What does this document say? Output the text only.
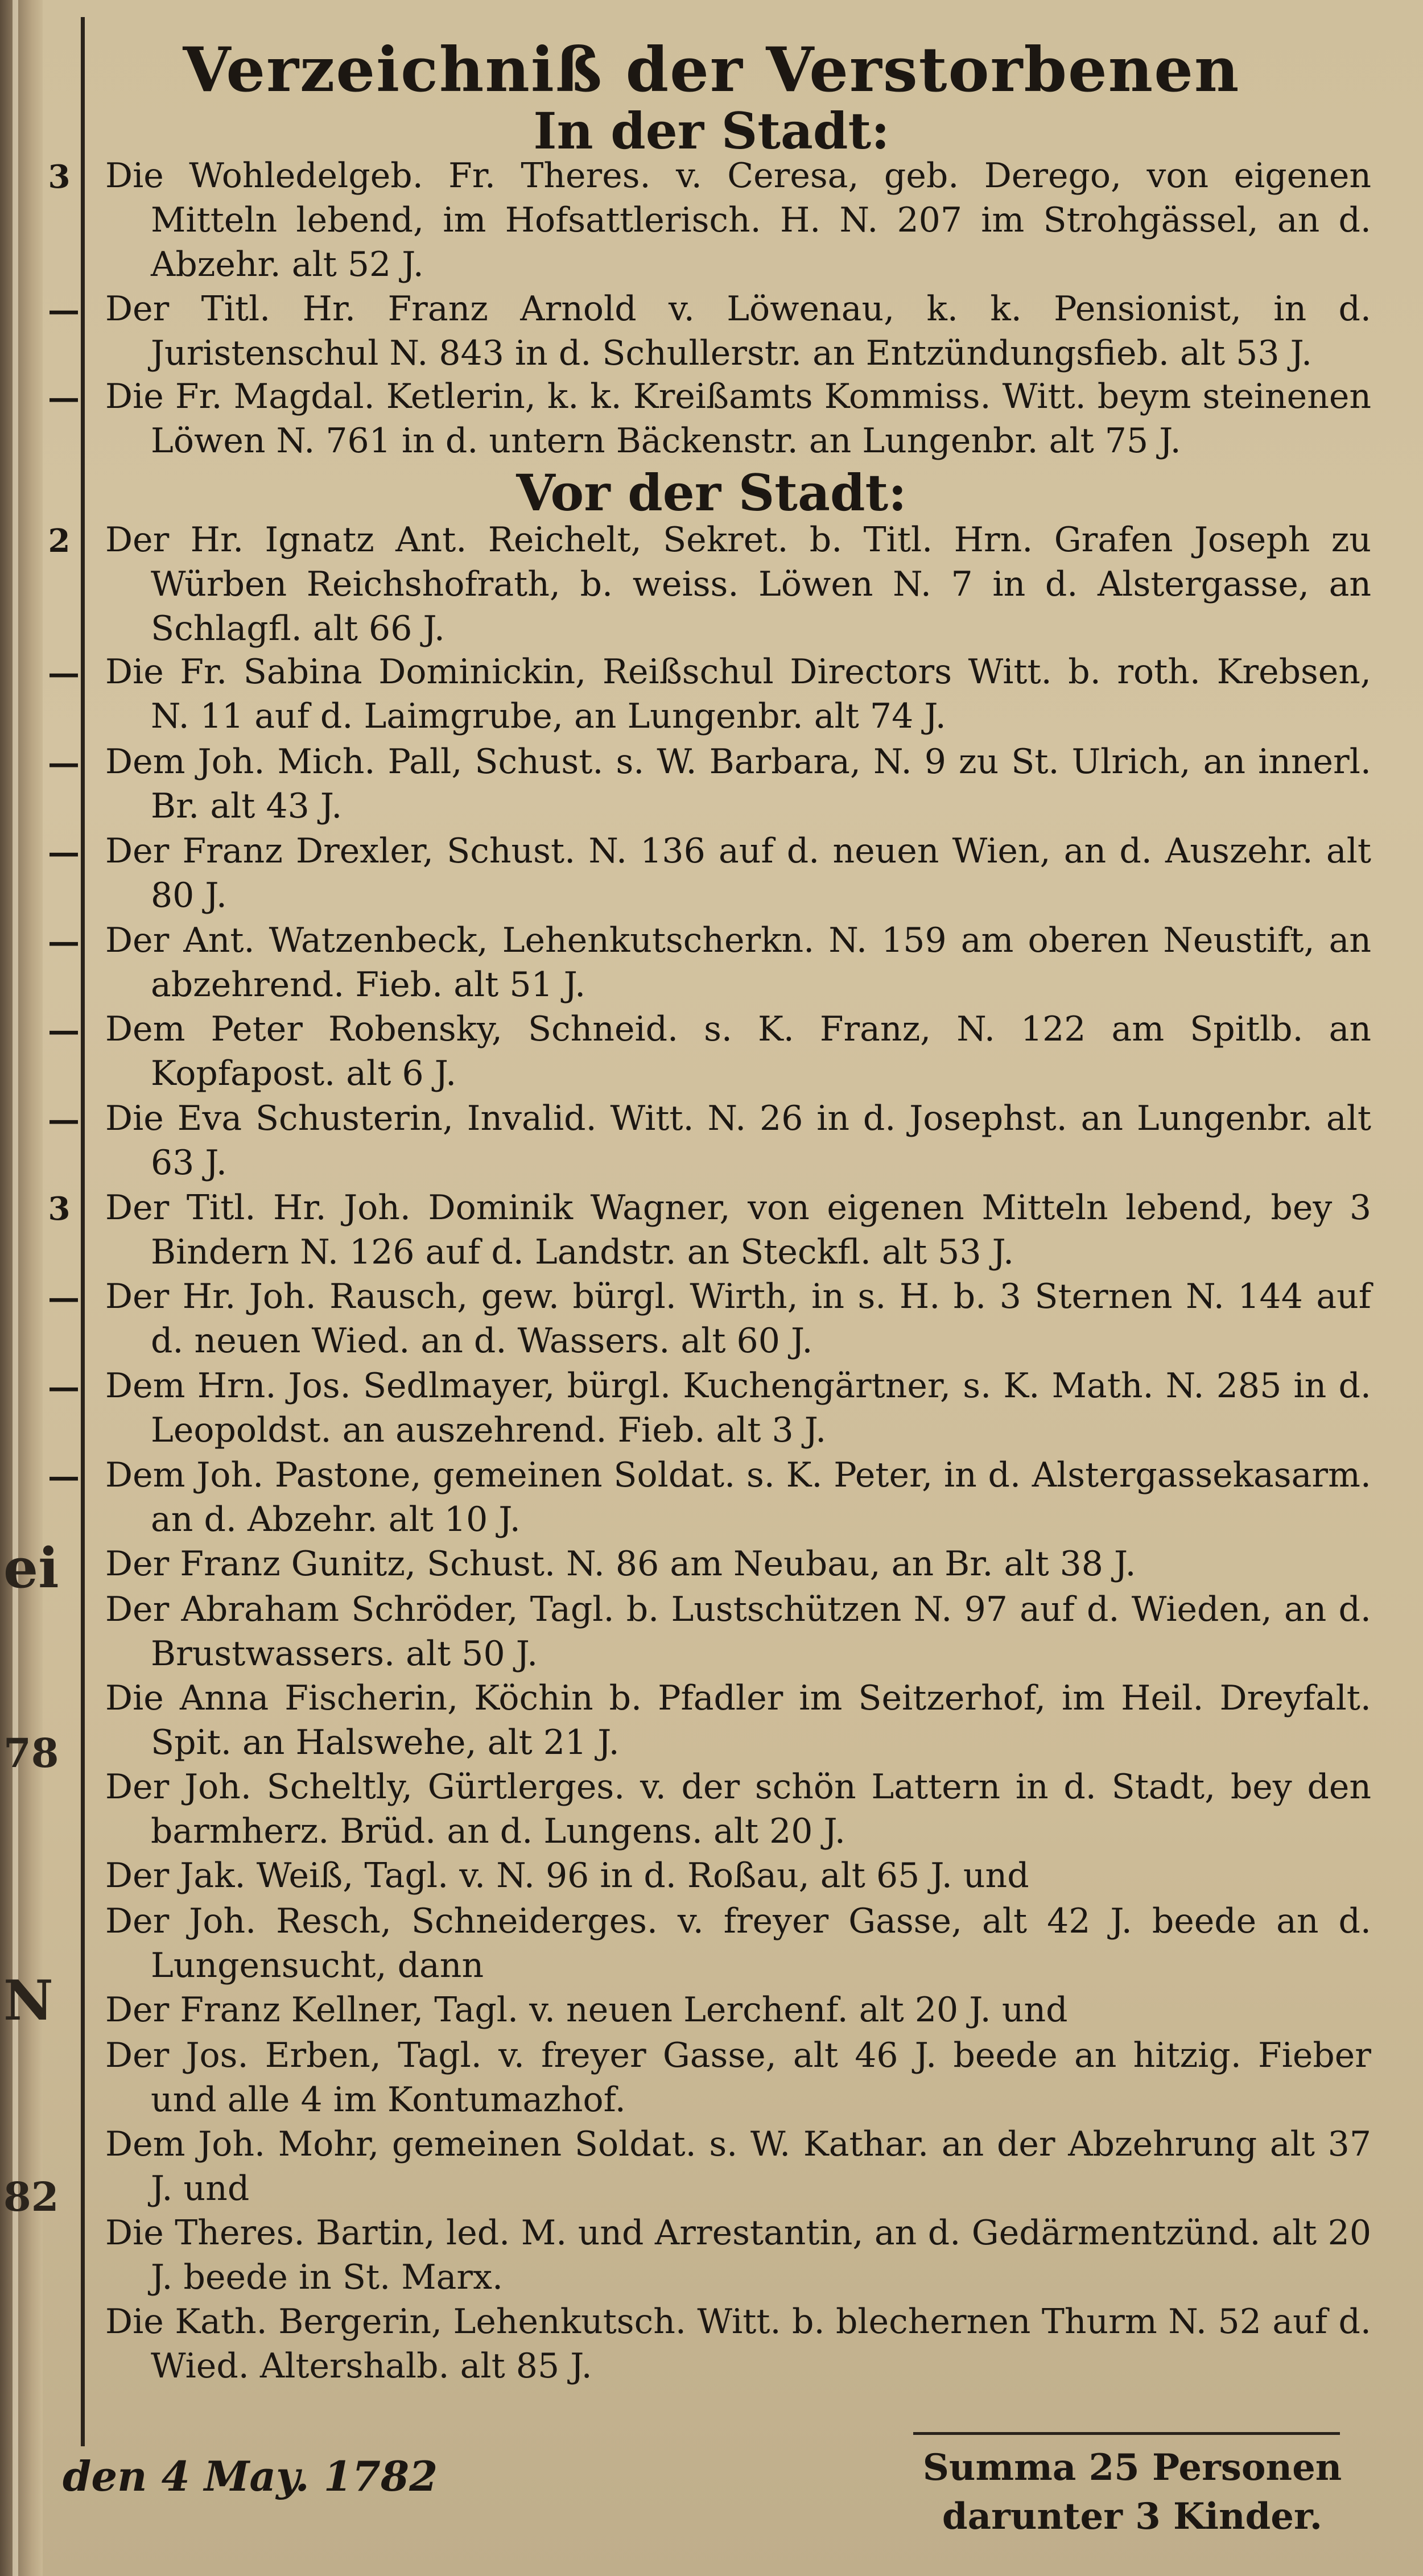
ei
78
N
82
Verzeichniß der Verstorbenen
In der Stadt:
Vor der Stadt:
3 Die Wohledelgeb. Fr. Theres. v. Ceresa, geb. Derego, von eigenen Mitteln lebend, im Hofsattlerisch. H. N. 207 im Strohgässel, an d. Abzehr. alt 52 J.
— Der Titl. Hr. Franz Arnold v. Löwenau, k. k. Pensionist, in d. Juristenschul N. 843 in d. Schullerstr. an Entzündungsfieb. alt 53 J.
— Die Fr. Magdal. Ketlerin, k. k. Kreißamts Kommiss. Witt. beym steinenen Löwen N. 761 in d. untern Bäckenstr. an Lungenbr. alt 75 J.
2 Der Hr. Ignatz Ant. Reichelt, Sekret. b. Titl. Hrn. Grafen Joseph zu Würben Reichshofrath, b. weiss. Löwen N. 7 in d. Alstergasse, an Schlagfl. alt 66 J.
— Die Fr. Sabina Dominickin, Reißschul Directors Witt. b. roth. Krebsen, N. 11 auf d. Laimgrube, an Lungenbr. alt 74 J.
— Dem Joh. Mich. Pall, Schust. s. W. Barbara, N. 9 zu St. Ulrich, an innerl. Br. alt 43 J.
— Der Franz Drexler, Schust. N. 136 auf d. neuen Wien, an d. Auszehr. alt 80 J.
— Der Ant. Watzenbeck, Lehenkutscherkn. N. 159 am oberen Neustift, an abzehrend. Fieb. alt 51 J.
— Dem Peter Robensky, Schneid. s. K. Franz, N. 122 am Spitlb. an Kopfapost. alt 6 J.
— Die Eva Schusterin, Invalid. Witt. N. 26 in d. Josephst. an Lungenbr. alt 63 J.
3 Der Titl. Hr. Joh. Dominik Wagner, von eigenen Mitteln lebend, bey 3 Bindern N. 126 auf d. Landstr. an Steckfl. alt 53 J.
— Der Hr. Joh. Rausch, gew. bürgl. Wirth, in s. H. b. 3 Sternen N. 144 auf d. neuen Wied. an d. Wassers. alt 60 J.
— Dem Hrn. Jos. Sedlmayer, bürgl. Kuchengärtner, s. K. Math. N. 285 in d. Leopoldst. an auszehrend. Fieb. alt 3 J.
— Dem Joh. Pastone, gemeinen Soldat. s. K. Peter, in d. Alstergassekasarm. an d. Abzehr. alt 10 J.
Der Franz Gunitz, Schust. N. 86 am Neubau, an Br. alt 38 J.
Der Abraham Schröder, Tagl. b. Lustschützen N. 97 auf d. Wieden, an d. Brustwassers. alt 50 J.
Die Anna Fischerin, Köchin b. Pfadler im Seitzerhof, im Heil. Dreyfalt. Spit. an Halswehe, alt 21 J.
Der Joh. Scheltly, Gürtlerges. v. der schön Lattern in d. Stadt, bey den barmherz. Brüd. an d. Lungens. alt 20 J.
Der Jak. Weiß, Tagl. v. N. 96 in d. Roßau, alt 65 J. und
Der Joh. Resch, Schneiderges. v. freyer Gasse, alt 42 J. beede an d. Lungensucht, dann
Der Franz Kellner, Tagl. v. neuen Lerchenf. alt 20 J. und
Der Jos. Erben, Tagl. v. freyer Gasse, alt 46 J. beede an hitzig. Fieber und alle 4 im Kontumazhof.
Dem Joh. Mohr, gemeinen Soldat. s. W. Kathar. an der Abzehrung alt 37 J. und
Die Theres. Bartin, led. M. und Arrestantin, an d. Gedärmentzünd. alt 20 J. beede in St. Marx.
Die Kath. Bergerin, Lehenkutsch. Witt. b. blechernen Thurm N. 52 auf d. Wied. Altershalb. alt 85 J.
den 4 May. 1782	Summa 25 Personen
darunter 3 Kinder.
